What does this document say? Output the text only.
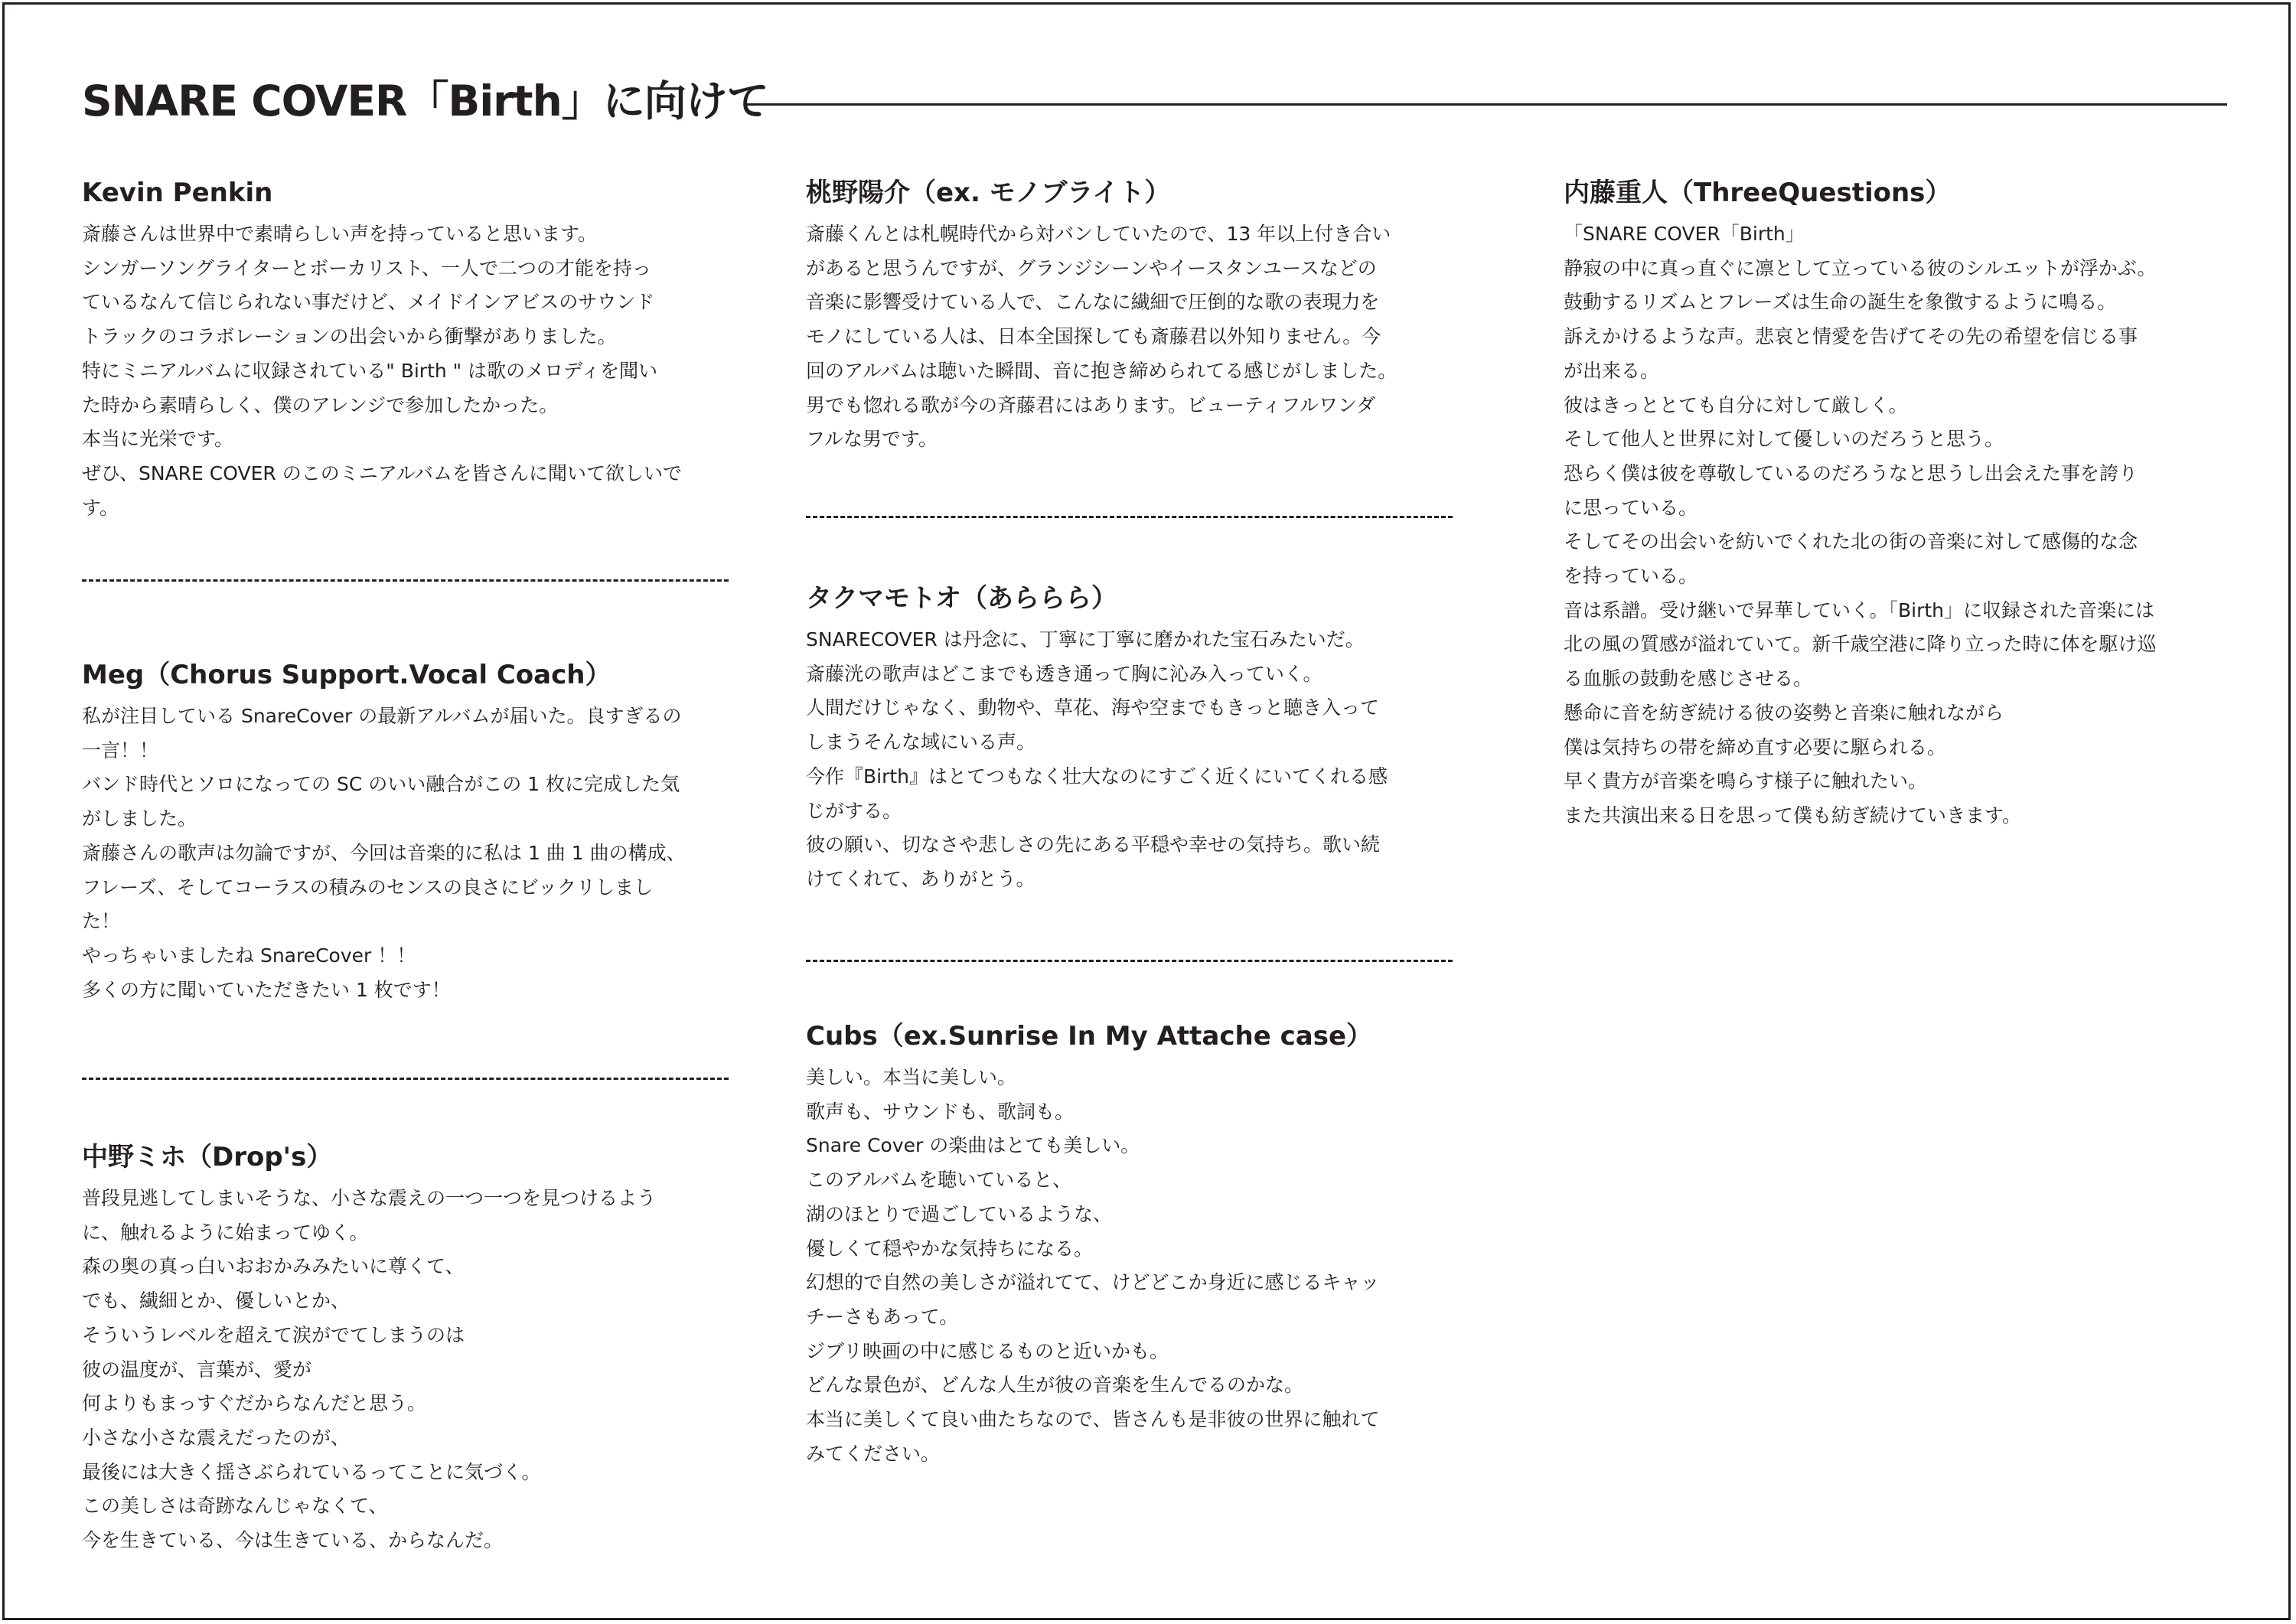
SNARE COVER「Birth」に向けて
Kevin Penkin
斎藤さんは世界中で素晴らしい声を持っていると思います。
シンガーソングライターとボーカリスト、一人で二つの才能を持っ
ているなんて信じられない事だけど、メイドインアビスのサウンド
トラックのコラボレーションの出会いから衝撃がありました。
特にミニアルバムに収録されている" Birth " は歌のメロディを聞い
た時から素晴らしく、僕のアレンジで参加したかった。
本当に光栄です。
ぜひ、SNARE COVER のこのミニアルバムを皆さんに聞いて欲しいで
す。
Meg（Chorus Support.Vocal Coach）
私が注目している SnareCover の最新アルバムが届いた。良すぎるの
一言！！
バンド時代とソロになっての SC のいい融合がこの 1 枚に完成した気
がしました。
斎藤さんの歌声は勿論ですが、今回は音楽的に私は 1 曲 1 曲の構成、
フレーズ、そしてコーラスの積みのセンスの良さにビックリしまし
た！
やっちゃいましたね SnareCover ！！
多くの方に聞いていただきたい 1 枚です！
中野ミホ（Drop's）
普段見逃してしまいそうな、小さな震えの一つ一つを見つけるよう
に、触れるように始まってゆく。
森の奥の真っ白いおおかみみたいに尊くて、
でも、繊細とか、優しいとか、
そういうレベルを超えて涙がでてしまうのは
彼の温度が、言葉が、愛が
何よりもまっすぐだからなんだと思う。
小さな小さな震えだったのが、
最後には大きく揺さぶられているってことに気づく。
この美しさは奇跡なんじゃなくて、
今を生きている、今は生きている、からなんだ。
桃野陽介（ex. モノブライト）
斎藤くんとは札幌時代から対バンしていたので、13 年以上付き合い
があると思うんですが、グランジシーンやイースタンユースなどの
音楽に影響受けている人で、こんなに繊細で圧倒的な歌の表現力を
モノにしている人は、日本全国探しても斎藤君以外知りません。今
回のアルバムは聴いた瞬間、音に抱き締められてる感じがしました。
男でも惚れる歌が今の斉藤君にはあります。ビューティフルワンダ
フルな男です。
タクマモトオ（あららら）
SNARECOVER は丹念に、丁寧に丁寧に磨かれた宝石みたいだ。
斎藤洸の歌声はどこまでも透き通って胸に沁み入っていく。
人間だけじゃなく、動物や、草花、海や空までもきっと聴き入って
しまうそんな域にいる声。
今作『Birth』はとてつもなく壮大なのにすごく近くにいてくれる感
じがする。
彼の願い、切なさや悲しさの先にある平穏や幸せの気持ち。歌い続
けてくれて、ありがとう。
Cubs（ex.Sunrise In My Attache case）
美しい。本当に美しい。
歌声も、サウンドも、歌詞も。
Snare Cover の楽曲はとても美しい。
このアルバムを聴いていると、
湖のほとりで過ごしているような、
優しくて穏やかな気持ちになる。
幻想的で自然の美しさが溢れてて、けどどこか身近に感じるキャッ
チーさもあって。
ジブリ映画の中に感じるものと近いかも。
どんな景色が、どんな人生が彼の音楽を生んでるのかな。
本当に美しくて良い曲たちなので、皆さんも是非彼の世界に触れて
みてください。
内藤重人（ThreeQuestions）
「SNARE COVER「Birth」
静寂の中に真っ直ぐに凛として立っている彼のシルエットが浮かぶ。
鼓動するリズムとフレーズは生命の誕生を象徴するように鳴る。
訴えかけるような声。悲哀と情愛を告げてその先の希望を信じる事
が出来る。
彼はきっととても自分に対して厳しく。
そして他人と世界に対して優しいのだろうと思う。
恐らく僕は彼を尊敬しているのだろうなと思うし出会えた事を誇り
に思っている。
そしてその出会いを紡いでくれた北の街の音楽に対して感傷的な念
を持っている。
音は系譜。受け継いで昇華していく。「Birth」に収録された音楽には
北の風の質感が溢れていて。新千歳空港に降り立った時に体を駆け巡
る血脈の鼓動を感じさせる。
懸命に音を紡ぎ続ける彼の姿勢と音楽に触れながら
僕は気持ちの帯を締め直す必要に駆られる。
早く貴方が音楽を鳴らす様子に触れたい。
また共演出来る日を思って僕も紡ぎ続けていきます。
